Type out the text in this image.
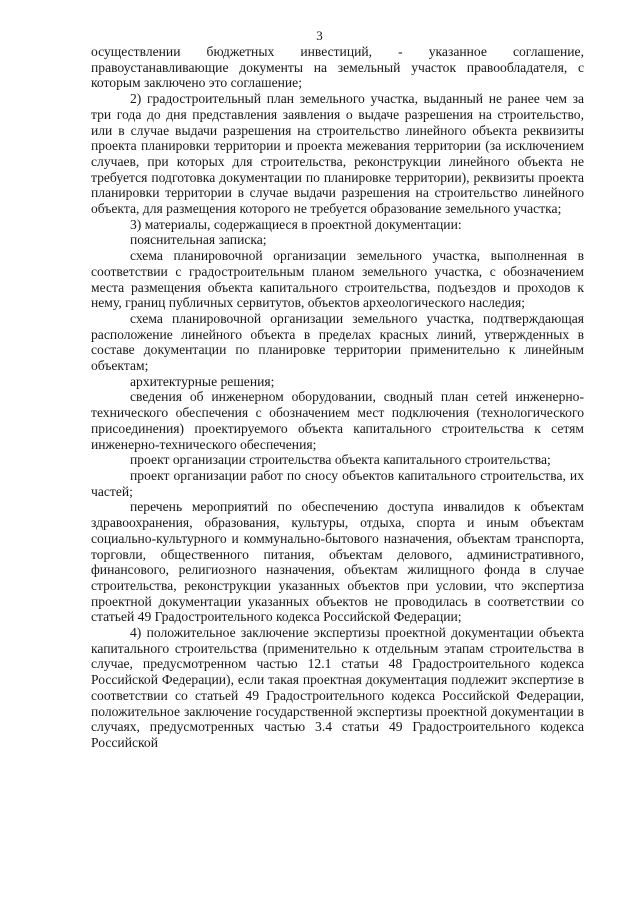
3

осуществлении бюджетных инвестиций, - указанное соглашение, правоустанавливающие документы на земельный участок правообладателя, с которым заключено это соглашение;

2) градостроительный план земельного участка, выданный не ранее чем за три года до дня представления заявления о выдаче разрешения на строительство, или в случае выдачи разрешения на строительство линейного объекта реквизиты проекта планировки территории и проекта межевания территории (за исключением случаев, при которых для строительства, реконструкции линейного объекта не требуется подготовка документации по планировке территории), реквизиты проекта планировки территории в случае выдачи разрешения на строительство линейного объекта, для размещения которого не требуется образование земельного участка;

3) материалы, содержащиеся в проектной документации:

пояснительная записка;

схема планировочной организации земельного участка, выполненная в соответствии с градостроительным планом земельного участка, с обозначением места размещения объекта капитального строительства, подъездов и проходов к нему, границ публичных сервитутов, объектов археологического наследия;

схема планировочной организации земельного участка, подтверждающая расположение линейного объекта в пределах красных линий, утвержденных в составе документации по планировке территории применительно к линейным объектам;

архитектурные решения;

сведения об инженерном оборудовании, сводный план сетей инженерно-технического обеспечения с обозначением мест подключения (технологического присоединения) проектируемого объекта капитального строительства к сетям инженерно-технического обеспечения;

проект организации строительства объекта капитального строительства;

проект организации работ по сносу объектов капитального строительства, их частей;

перечень мероприятий по обеспечению доступа инвалидов к объектам здравоохранения, образования, культуры, отдыха, спорта и иным объектам социально-культурного и коммунально-бытового назначения, объектам транспорта, торговли, общественного питания, объектам делового, административного, финансового, религиозного назначения, объектам жилищного фонда в случае строительства, реконструкции указанных объектов при условии, что экспертиза проектной документации указанных объектов не проводилась в соответствии со статьей 49 Градостроительного кодекса Российской Федерации;

4) положительное заключение экспертизы проектной документации объекта капитального строительства (применительно к отдельным этапам строительства в случае, предусмотренном частью 12.1 статьи 48 Градостроительного кодекса Российской Федерации), если такая проектная документация подлежит экспертизе в соответствии со статьей 49 Градостроительного кодекса Российской Федерации, положительное заключение государственной экспертизы проектной документации в случаях, предусмотренных частью 3.4 статьи 49 Градостроительного кодекса Российской
